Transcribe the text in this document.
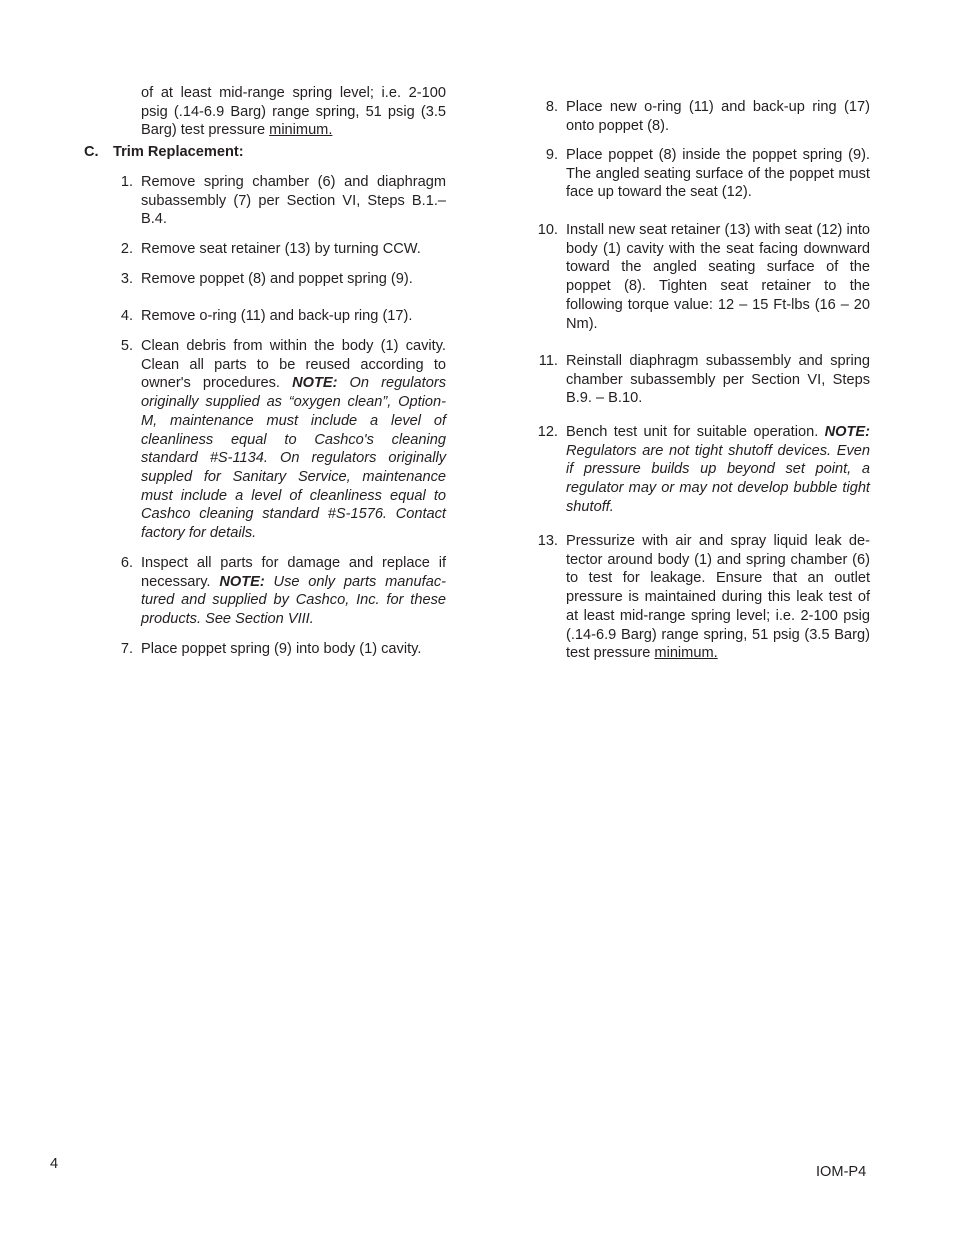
of at least mid-range spring level; i.e. 2-100 psig (.14-6.9 Barg) range spring, 51 psig (3.5 Barg) test pressure minimum.

C. Trim Replacement:
1. Remove spring chamber (6) and diaphragm subassembly (7) per Section VI, Steps B.1.– B.4.
2. Remove seat retainer (13) by turning CCW.
3. Remove poppet (8) and poppet spring (9).
4. Remove o-ring (11) and back-up ring (17).
5. Clean debris from within the body (1) cavity. Clean all parts to be reused according to owner's procedures. NOTE: On regulators originally supplied as “oxygen clean”, Option-M, maintenance must include a level of cleanliness equal to Cashco's cleaning standard #S-1134. On regulators originally suppled for Sanitary Service, maintenance must include a level of cleanliness equal to Cashco cleaning standard #S-1576. Contact factory for details.
6. Inspect all parts for damage and replace if necessary. NOTE: Use only parts manufactured and supplied by Cashco, Inc. for these products. See Section VIII.
7. Place poppet spring (9) into body (1) cavity.
8. Place new o-ring (11) and back-up ring (17) onto poppet (8).
9. Place poppet (8) inside the poppet spring (9). The angled seating surface of the poppet must face up toward the seat (12).
10. Install new seat retainer (13) with seat (12) into body (1) cavity with the seat facing downward toward the angled seating surface of the poppet (8). Tighten seat retainer to the following torque value: 12 – 15 Ft-lbs (16 – 20 Nm).
11. Reinstall diaphragm subassembly and spring chamber subassembly per Section VI, Steps B.9. – B.10.
12. Bench test unit for suitable operation. NOTE: Regulators are not tight shutoff devices. Even if pressure builds up beyond set point, a regulator may or may not develop bubble tight shutoff.
13. Pressurize with air and spray liquid leak detector around body (1) and spring chamber (6) to test for leakage. Ensure that an outlet pressure is maintained during this leak test of at least mid-range spring level; i.e. 2-100 psig (.14-6.9 Barg) range spring, 51 psig (3.5 Barg) test pressure minimum.
4	IOM-P4
